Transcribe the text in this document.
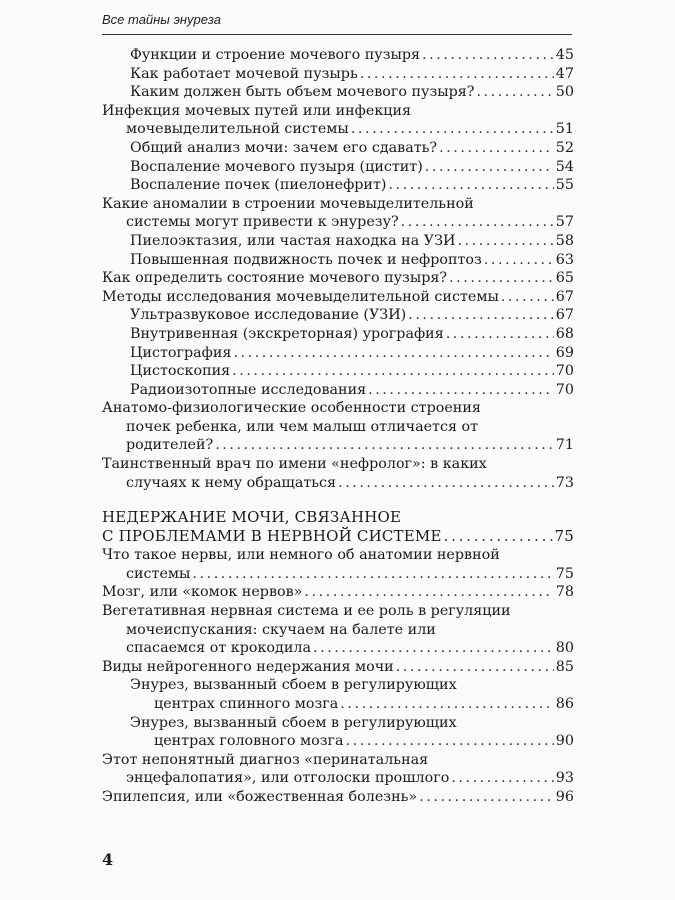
Все тайны энуреза
Функции и строение мочевого пузыря . . .	45
Как работает мочевой пузырь . . .	47
Каким должен быть объем мочевого пузыря? . . .	50
Инфекция мочевых путей или инфекция
мочевыделительной системы . . .	51
Общий анализ мочи: зачем его сдавать? . . .	52
Воспаление мочевого пузыря (цистит) . . .	54
Воспаление почек (пиелонефрит) . . .	55
Какие аномалии в строении мочевыделительной
системы могут привести к энурезу? . . .	57
Пиелоэктазия, или частая находка на УЗИ . . .	58
Повышенная подвижность почек и нефроптоз . . .	63
Как определить состояние мочевого пузыря? . . .	65
Методы исследования мочевыделительной системы . . .	67
Ультразвуковое исследование (УЗИ) . . .	67
Внутривенная (экскреторная) урография . . .	68
Цистография . . .	69
Цистоскопия . . .	70
Радиоизотопные исследования . . .	70
Анатомо-физиологические особенности строения
почек ребенка, или чем малыш отличается от
родителей? . . .	71
Таинственный врач по имени «нефролог»: в каких
случаях к нему обращаться . . .	73
НЕДЕРЖАНИЕ МОЧИ, СВЯЗАННОЕ
С ПРОБЛЕМАМИ В НЕРВНОЙ СИСТЕМЕ . . .	75
Что такое нервы, или немного об анатомии нервной
системы . . .	75
Мозг, или «комок нервов» . . .	78
Вегетативная нервная система и ее роль в регуляции
мочеиспускания: скучаем на балете или
спасаемся от крокодила . . .	80
Виды нейрогенного недержания мочи . . .	85
Энурез, вызванный сбоем в регулирующих
центрах спинного мозга . . .	86
Энурез, вызванный сбоем в регулирующих
центрах головного мозга . . .	90
Этот непонятный диагноз «перинатальная
энцефалопатия», или отголоски прошлого . . .	93
Эпилепсия, или «божественная болезнь» . . .	96
4
